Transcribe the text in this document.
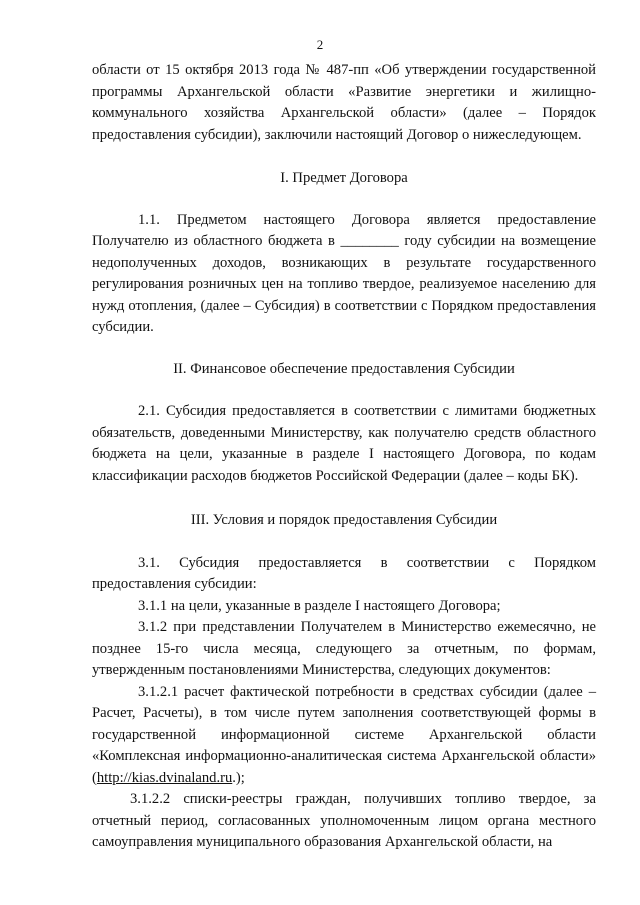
2

области от 15 октября 2013 года № 487-пп «Об утверждении государственной программы Архангельской области «Развитие энергетики и жилищно-коммунального хозяйства Архангельской области» (далее – Порядок предоставления субсидии), заключили настоящий Договор о нижеследующем.

I. Предмет Договора

1.1. Предметом настоящего Договора является предоставление Получателю из областного бюджета в ________ году субсидии на возмещение недополученных доходов, возникающих в результате государственного регулирования розничных цен на топливо твердое, реализуемое населению для нужд отопления, (далее – Субсидия) в соответствии с Порядком предоставления субсидии.

II. Финансовое обеспечение предоставления Субсидии

2.1. Субсидия предоставляется в соответствии с лимитами бюджетных обязательств, доведенными Министерству, как получателю средств областного бюджета на цели, указанные в разделе I настоящего Договора, по кодам классификации расходов бюджетов Российской Федерации (далее – коды БК).

III. Условия и порядок предоставления Субсидии

3.1. Субсидия предоставляется в соответствии с Порядком предоставления субсидии:

3.1.1 на цели, указанные в разделе I настоящего Договора;

3.1.2 при представлении Получателем в Министерство ежемесячно, не позднее 15-го числа месяца, следующего за отчетным, по формам, утвержденным постановлениями Министерства, следующих документов:

3.1.2.1 расчет фактической потребности в средствах субсидии (далее – Расчет, Расчеты), в том числе путем заполнения соответствующей формы в государственной информационной системе Архангельской области «Комплексная информационно-аналитическая система Архангельской области» (http://kias.dvinaland.ru.);

3.1.2.2 списки-реестры граждан, получивших топливо твердое, за отчетный период, согласованных уполномоченным лицом органа местного самоуправления муниципального образования Архангельской области, на
